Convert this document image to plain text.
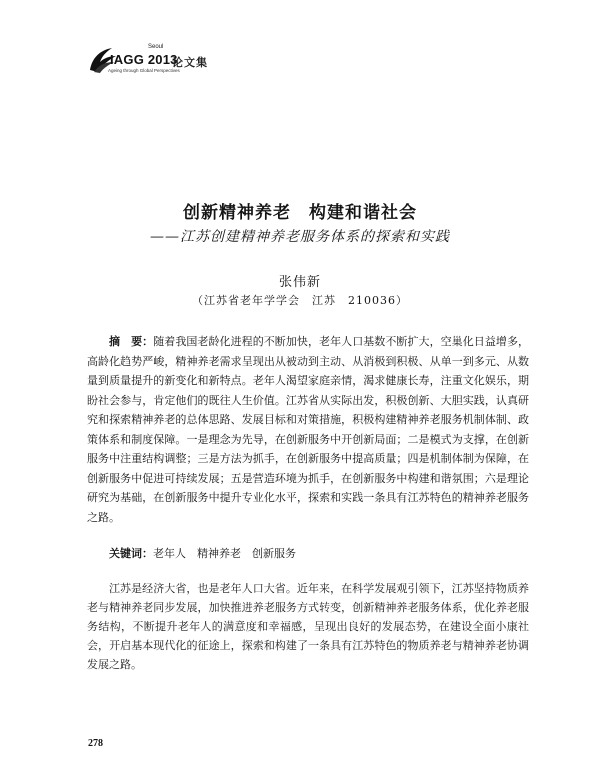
Seoul
IAGG 2013
Ageing through Global Perspectives
论文集
创新精神养老　构建和谐社会
——江苏创建精神养老服务体系的探索和实践
张伟新
（江苏省老年学学会　江苏　210036）

摘　要：随着我国老龄化进程的不断加快，老年人口基数不断扩大，空巢化日益增多，高龄化趋势严峻，精神养老需求呈现出从被动到主动、从消极到积极、从单一到多元、从数量到质量提升的新变化和新特点。老年人渴望家庭亲情，渴求健康长寿，注重文化娱乐，期盼社会参与，肯定他们的既往人生价值。江苏省从实际出发，积极创新、大胆实践，认真研究和探索精神养老的总体思路、发展目标和对策措施，积极构建精神养老服务机制体制、政策体系和制度保障。一是理念为先导，在创新服务中开创新局面；二是模式为支撑，在创新服务中注重结构调整；三是方法为抓手，在创新服务中提高质量；四是机制体制为保障，在创新服务中促进可持续发展；五是营造环境为抓手，在创新服务中构建和谐氛围；六是理论研究为基础，在创新服务中提升专业化水平，探索和实践一条具有江苏特色的精神养老服务之路。

关键词：老年人　精神养老　创新服务

江苏是经济大省，也是老年人口大省。近年来，在科学发展观引领下，江苏坚持物质养老与精神养老同步发展，加快推进养老服务方式转变，创新精神养老服务体系，优化养老服务结构，不断提升老年人的满意度和幸福感，呈现出良好的发展态势，在建设全面小康社会，开启基本现代化的征途上，探索和构建了一条具有江苏特色的物质养老与精神养老协调发展之路。

278
